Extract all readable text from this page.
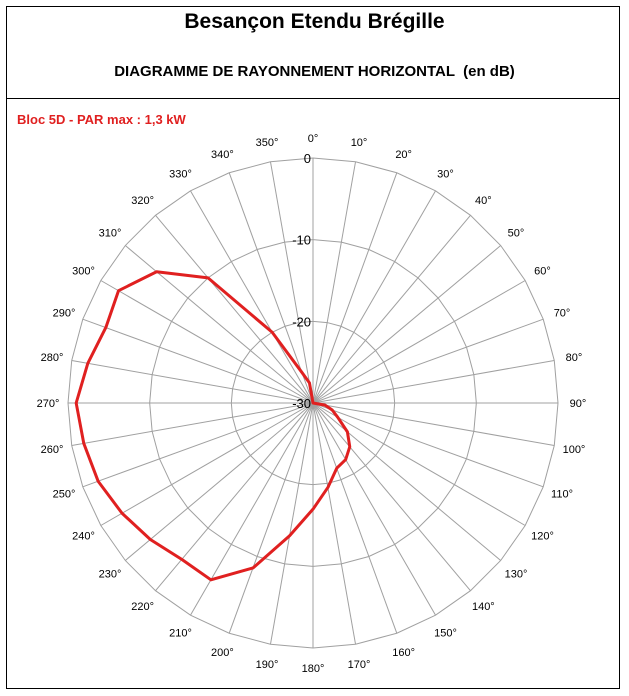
Besançon Etendu Brégille
DIAGRAMME DE RAYONNEMENT HORIZONTAL  (en dB)
Bloc 5D - PAR max : 1,3 kW
0
-10
-20
-30
0°	10°
20°
30°
40°
50°
60°
70°
80°
90°
100°
110°
120°
130°
140°
150°
160°
170°
180°
190°
200°
210°
220°
230°
240°
250°
260°
270°
280°
290°
300°
310°
320°
330°
340°
350°
